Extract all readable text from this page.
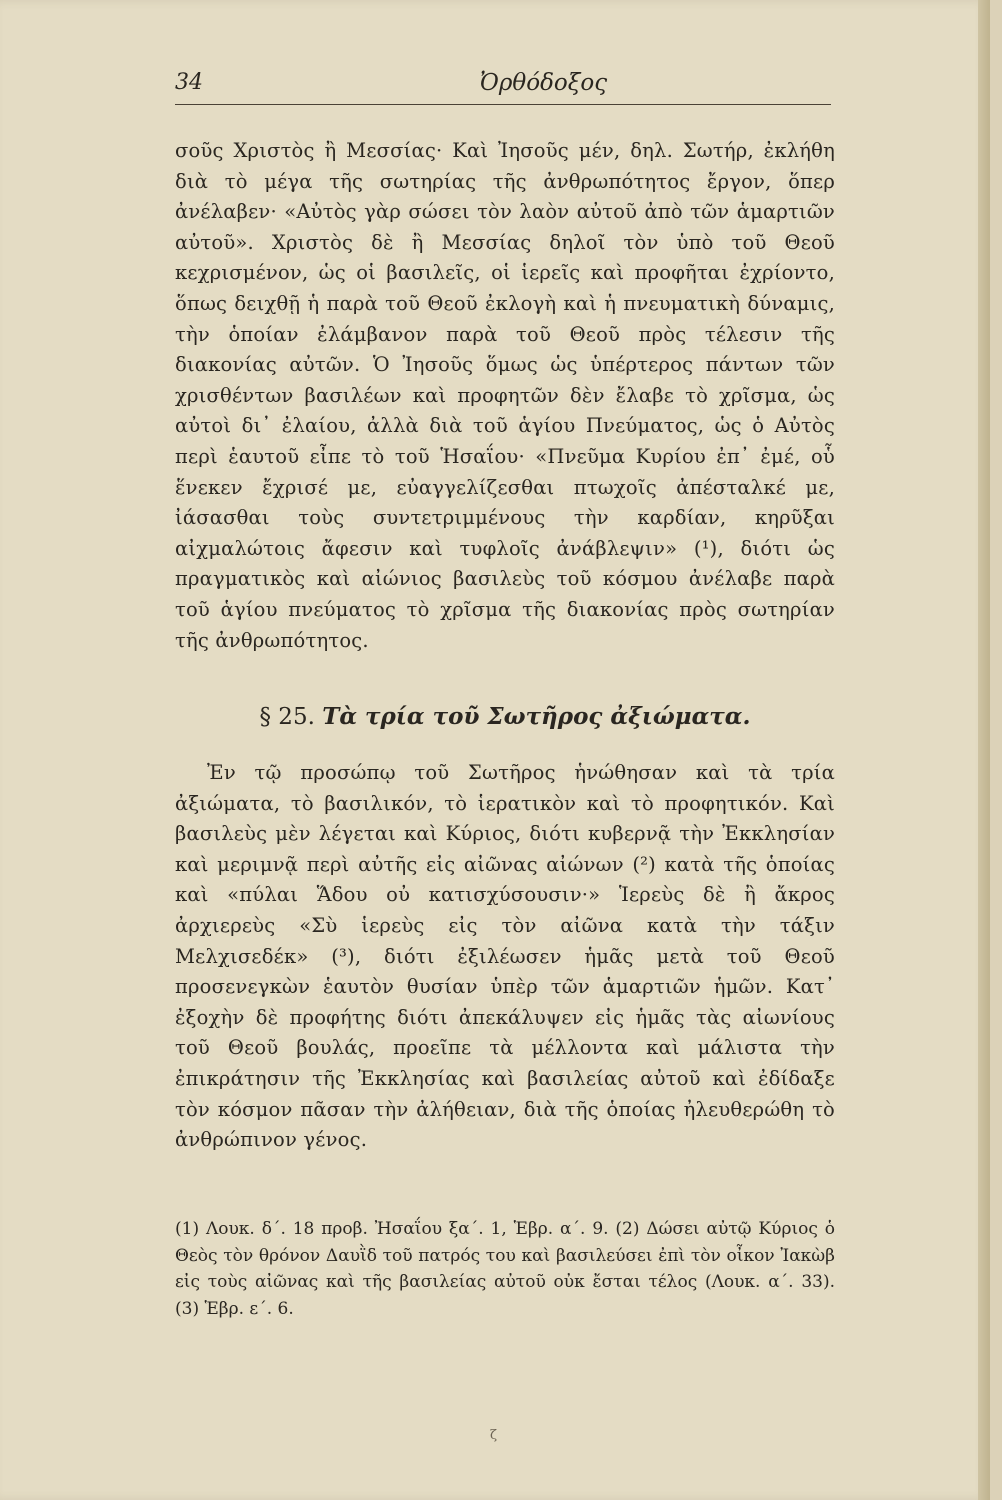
34	Ὀρθόδοξος
σοῦς Χριστὸς ἢ Μεσσίας· Καὶ Ἰησοῦς μέν, δηλ. Σωτήρ, ἐκλήθη διὰ τὸ μέγα τῆς σωτηρίας τῆς ἀνθρωπότητος ἔργον, ὅπερ ἀνέλαβεν· «Αὐτὸς γὰρ σώσει τὸν λαὸν αὐτοῦ ἀπὸ τῶν ἁμαρτιῶν αὐτοῦ». Χριστὸς δὲ ἢ Μεσσίας δηλοῖ τὸν ὑπὸ τοῦ Θεοῦ κεχρισμένον, ὡς οἱ βασιλεῖς, οἱ ἱερεῖς καὶ προφῆται ἐχρίοντο, ὅπως δειχθῇ ἡ παρὰ τοῦ Θεοῦ ἐκλογὴ καὶ ἡ πνευματικὴ δύναμις, τὴν ὁποίαν ἐλάμβανον παρὰ τοῦ Θεοῦ πρὸς τέλεσιν τῆς διακονίας αὐτῶν. Ὁ Ἰησοῦς ὅμως ὡς ὑπέρτερος πάντων τῶν χρισθέντων βασιλέων καὶ προφητῶν δὲν ἔλαβε τὸ χρῖσμα, ὡς αὐτοὶ δι᾽ ἐλαίου, ἀλλὰ διὰ τοῦ ἁγίου Πνεύματος, ὡς ὁ Αὐτὸς περὶ ἑαυτοῦ εἶπε τὸ τοῦ Ἡσαΐου· «Πνεῦμα Κυρίου ἐπ᾽ ἐμέ, οὗ ἕνεκεν ἔχρισέ με, εὐαγγελίζεσθαι πτωχοῖς ἀπέσταλκέ με, ἰάσασθαι τοὺς συντετριμμένους τὴν καρδίαν, κηρῦξαι αἰχμαλώτοις ἄφεσιν καὶ τυφλοῖς ἀνάβλεψιν» (¹), διότι ὡς πραγματικὸς καὶ αἰώνιος βασιλεὺς τοῦ κόσμου ἀνέλαβε παρὰ τοῦ ἁγίου πνεύματος τὸ χρῖσμα τῆς διακονίας πρὸς σωτηρίαν τῆς ἀνθρωπότητος.
§ 25. Τὰ τρία τοῦ Σωτῆρος ἀξιώματα.
Ἐν τῷ προσώπῳ τοῦ Σωτῆρος ἡνώθησαν καὶ τὰ τρία ἀξιώματα, τὸ βασιλικόν, τὸ ἱερατικὸν καὶ τὸ προφητικόν. Καὶ βασιλεὺς μὲν λέγεται καὶ Κύριος, διότι κυβερνᾷ τὴν Ἐκκλησίαν καὶ μεριμνᾷ περὶ αὐτῆς εἰς αἰῶνας αἰώνων (²) κατὰ τῆς ὁποίας καὶ «πύλαι Ἅδου οὐ κατισχύσουσιν·» Ἱερεὺς δὲ ἢ ἄκρος ἀρχιερεὺς «Σὺ ἱερεὺς εἰς τὸν αἰῶνα κατὰ τὴν τάξιν Μελχισεδέκ» (³), διότι ἐξιλέωσεν ἡμᾶς μετὰ τοῦ Θεοῦ προσενεγκὼν ἑαυτὸν θυσίαν ὑπὲρ τῶν ἁμαρτιῶν ἡμῶν. Κατ᾽ ἐξοχὴν δὲ προφήτης διότι ἀπεκάλυψεν εἰς ἡμᾶς τὰς αἰωνίους τοῦ Θεοῦ βουλάς, προεῖπε τὰ μέλλοντα καὶ μάλιστα τὴν ἐπικράτησιν τῆς Ἐκκλησίας καὶ βασιλείας αὐτοῦ καὶ ἐδίδαξε τὸν κόσμον πᾶσαν τὴν ἀλήθειαν, διὰ τῆς ὁποίας ἠλευθερώθη τὸ ἀνθρώπινον γένος.
(1) Λουκ. δ΄. 18 προβ. Ἠσαΐου ξα΄. 1, Ἑβρ. α΄. 9. (2) Δώσει αὐτῷ Κύριος ὁ Θεὸς τὸν θρόνον Δαυῒδ τοῦ πατρός του καὶ βασιλεύσει ἐπὶ τὸν οἶκον Ἰακὼβ εἰς τοὺς αἰῶνας καὶ τῆς βασιλείας αὐτοῦ οὐκ ἔσται τέλος (Λουκ. α΄. 33). (3) Ἑβρ. ε΄. 6.
ζ
